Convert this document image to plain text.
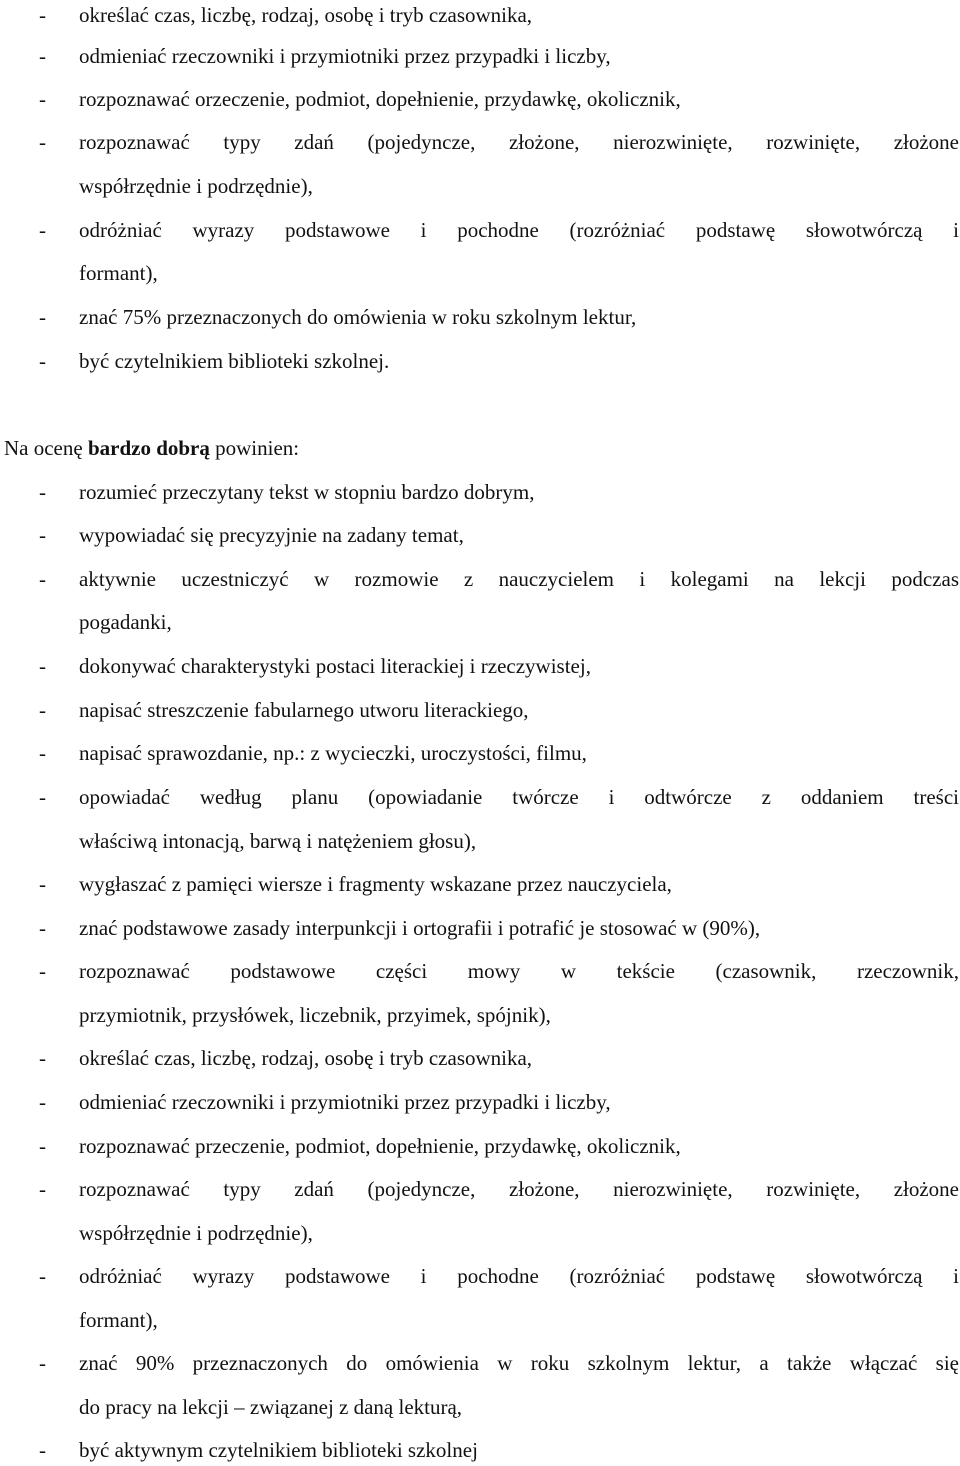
- określać czas, liczbę, rodzaj, osobę i tryb czasownika,
- odmieniać rzeczowniki i przymiotniki przez przypadki i liczby,
- rozpoznawać orzeczenie, podmiot, dopełnienie, przydawkę, okolicznik,
- rozpoznawać typy zdań (pojedyncze, złożone, nierozwinięte, rozwinięte, złożone
współrzędnie i podrzędnie),
- odróżniać wyrazy podstawowe i pochodne (rozróżniać podstawę słowotwórczą i
formant),
- znać 75% przeznaczonych do omówienia w roku szkolnym lektur,
- być czytelnikiem biblioteki szkolnej.
Na ocenę bardzo dobrą powinien:
- rozumieć przeczytany tekst w stopniu bardzo dobrym,
- wypowiadać się precyzyjnie na zadany temat,
- aktywnie uczestniczyć w rozmowie z nauczycielem i kolegami na lekcji podczas
pogadanki,
- dokonywać charakterystyki postaci literackiej i rzeczywistej,
- napisać streszczenie fabularnego utworu literackiego,
- napisać sprawozdanie, np.: z wycieczki, uroczystości, filmu,
- opowiadać według planu (opowiadanie twórcze i odtwórcze z oddaniem treści
właściwą intonacją, barwą i natężeniem głosu),
- wygłaszać z pamięci wiersze i fragmenty wskazane przez nauczyciela,
- znać podstawowe zasady interpunkcji i ortografii i potrafić je stosować w (90%),
- rozpoznawać podstawowe części mowy w tekście (czasownik, rzeczownik,
przymiotnik, przysłówek, liczebnik, przyimek, spójnik),
- określać czas, liczbę, rodzaj, osobę i tryb czasownika,
- odmieniać rzeczowniki i przymiotniki przez przypadki i liczby,
- rozpoznawać przeczenie, podmiot, dopełnienie, przydawkę, okolicznik,
- rozpoznawać typy zdań (pojedyncze, złożone, nierozwinięte, rozwinięte, złożone
współrzędnie i podrzędnie),
- odróżniać wyrazy podstawowe i pochodne (rozróżniać podstawę słowotwórczą i
formant),
- znać 90% przeznaczonych do omówienia w roku szkolnym lektur, a także włączać się
do pracy na lekcji – związanej z daną lekturą,
- być aktywnym czytelnikiem biblioteki szkolnej
